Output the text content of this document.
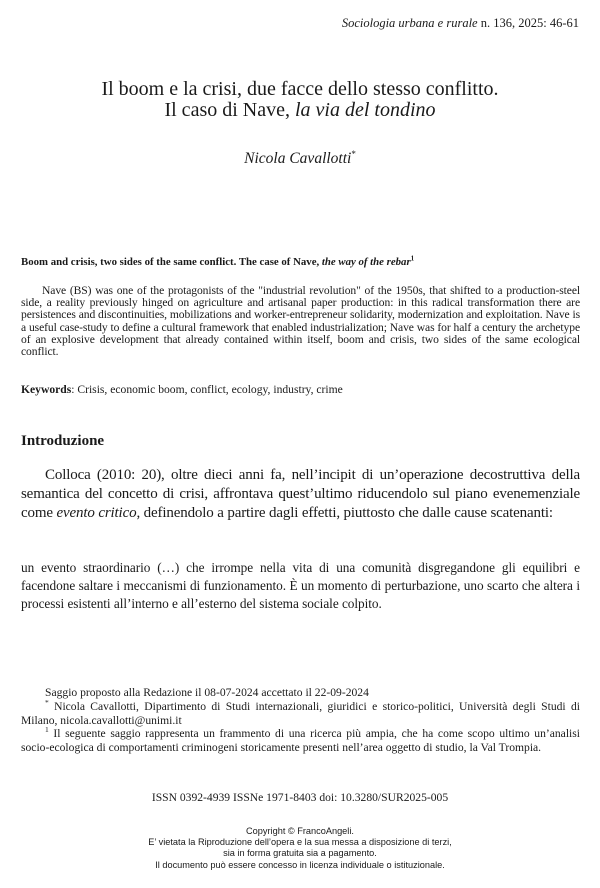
Sociologia urbana e rurale n. 136, 2025: 46-61
Il boom e la crisi, due facce dello stesso conflitto.
Il caso di Nave, la via del tondino
Nicola Cavallotti*
Boom and crisis, two sides of the same conflict. The case of Nave, the way of the rebar$^1$
Nave (BS) was one of the protagonists of the "industrial revolution" of the 1950s, that shifted to a production-steel side, a reality previously hinged on agriculture and artisanal paper production: in this radical transformation there are persistences and discontinuities, mobilizations and worker-entrepreneur solidarity, modernization and exploitation. Nave is a useful case-study to define a cultural framework that enabled industrialization; Nave was for half a century the archetype of an explosive development that already contained within itself, boom and crisis, two sides of the same ecological conflict.
Keywords: Crisis, economic boom, conflict, ecology, industry, crime
Introduzione
Colloca (2010: 20), oltre dieci anni fa, nell’incipit di un’operazione decostruttiva della semantica del concetto di crisi, affrontava quest’ultimo riducendolo sul piano evenemenziale come evento critico, definendolo a partire dagli effetti, piuttosto che dalle cause scatenanti:
un evento straordinario (…) che irrompe nella vita di una comunità disgregandone gli equilibri e facendone saltare i meccanismi di funzionamento. È un momento di perturbazione, uno scarto che altera i processi esistenti all’interno e all’esterno del sistema sociale colpito.

Saggio proposto alla Redazione il 08-07-2024 accettato il 22-09-2024

* Nicola Cavallotti, Dipartimento di Studi internazionali, giuridici e storico-politici, Università degli Studi di Milano, nicola.cavallotti@unimi.it

$^1$ Il seguente saggio rappresenta un frammento di una ricerca più ampia, che ha come scopo ultimo un’analisi socio-ecologica di comportamenti criminogeni storicamente presenti nell’area oggetto di studio, la Val Trompia.

ISSN 0392-4939 ISSNe 1971-8403 doi: 10.3280/SUR2025-005
Copyright © FrancoAngeli.
E’ vietata la Riproduzione dell’opera e la sua messa a disposizione di terzi,
sia in forma gratuita sia a pagamento.
Il documento può essere concesso in licenza individuale o istituzionale.
